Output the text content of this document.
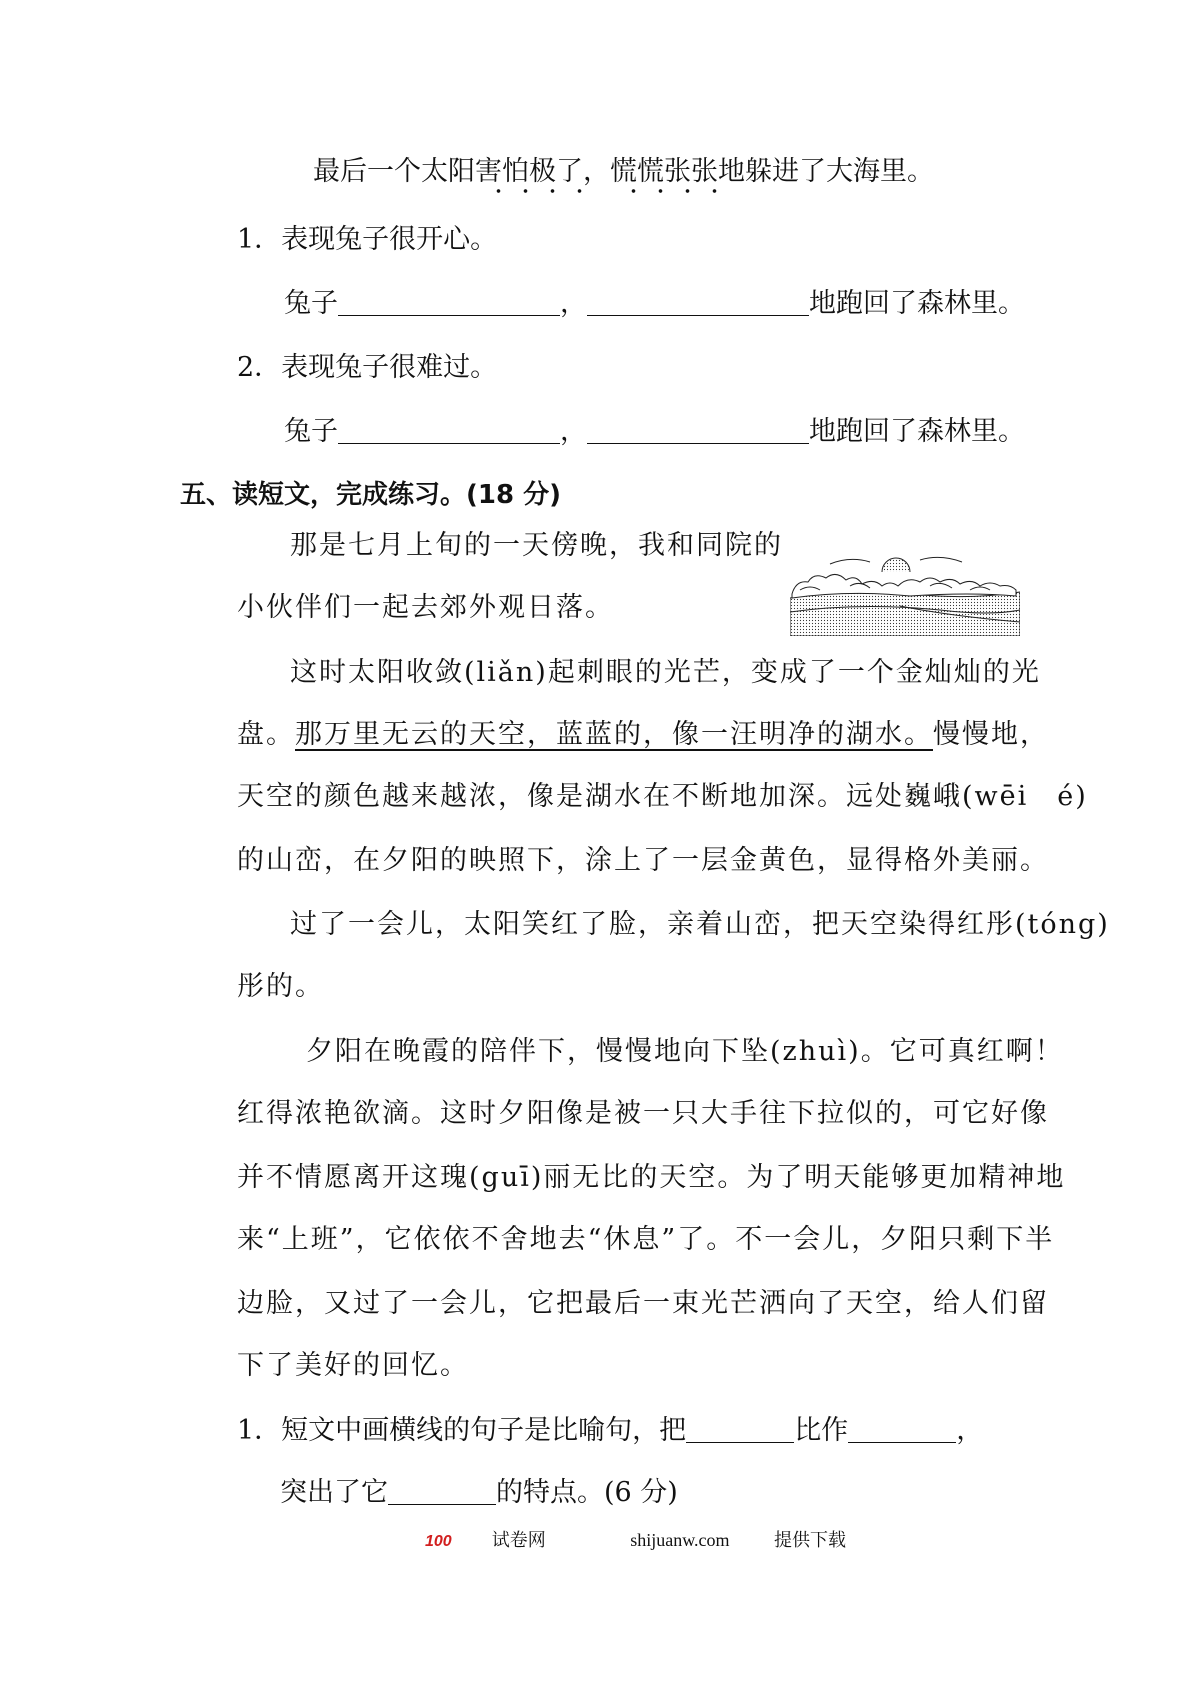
最后一个太阳害怕极了，慌慌张张地躲进了大海里。
1．表现兔子很开心。
兔子	，	地跑回了森林里。
2．表现兔子很难过。
兔子	，	地跑回了森林里。
五、读短文，完成练习。(18 分)
那是七月上旬的一天傍晚，我和同院的
小伙伴们一起去郊外观日落。
这时太阳收敛(liǎn)起刺眼的光芒，变成了一个金灿灿的光
盘。那万里无云的天空，蓝蓝的，像一汪明净的湖水。慢慢地，
天空的颜色越来越浓，像是湖水在不断地加深。远处巍峨(wēi　é)
的山峦，在夕阳的映照下，涂上了一层金黄色，显得格外美丽。
过了一会儿，太阳笑红了脸，亲着山峦，把天空染得红彤(tóng)
彤的。
夕阳在晚霞的陪伴下，慢慢地向下坠(zhuì)。它可真红啊！
红得浓艳欲滴。这时夕阳像是被一只大手往下拉似的，可它好像
并不情愿离开这瑰(guī)丽无比的天空。为了明天能够更加精神地
来“上班”，它依依不舍地去“休息”了。不一会儿，夕阳只剩下半
边脸，又过了一会儿，它把最后一束光芒洒向了天空，给人们留
下了美好的回忆。
1．短文中画横线的句子是比喻句，把	比作	，
突出了它	的特点。(6 分)
100 试卷网	shijuanw.com 提供下载
